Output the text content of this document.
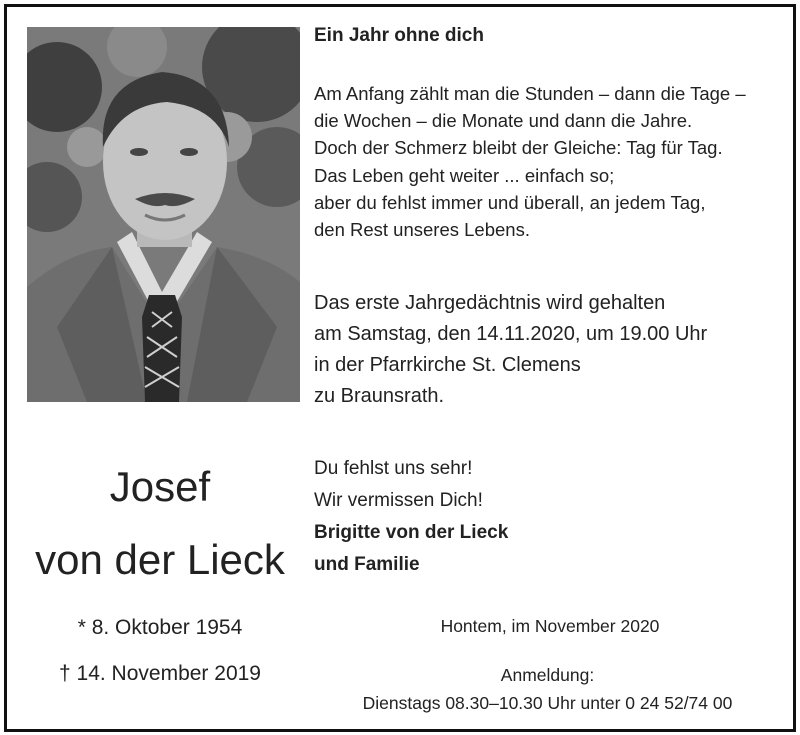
Ein Jahr ohne dich
Am Anfang zählt man die Stunden – dann die Tage –
die Wochen – die Monate und dann die Jahre.
Doch der Schmerz bleibt der Gleiche: Tag für Tag.
Das Leben geht weiter ... einfach so;
aber du fehlst immer und überall, an jedem Tag,
den Rest unseres Lebens.
Das erste Jahrgedächtnis wird gehalten
am Samstag, den 14.11.2020, um 19.00 Uhr
in der Pfarrkirche St. Clemens
zu Braunsrath.
Du fehlst uns sehr!
Wir vermissen Dich!
Brigitte von der Lieck
und Familie
Josef
von der Lieck
* 8. Oktober 1954
† 14. November 2019
Hontem, im November 2020
Anmeldung:
Dienstags 08.30–10.30 Uhr unter 0 24 52/74 00
